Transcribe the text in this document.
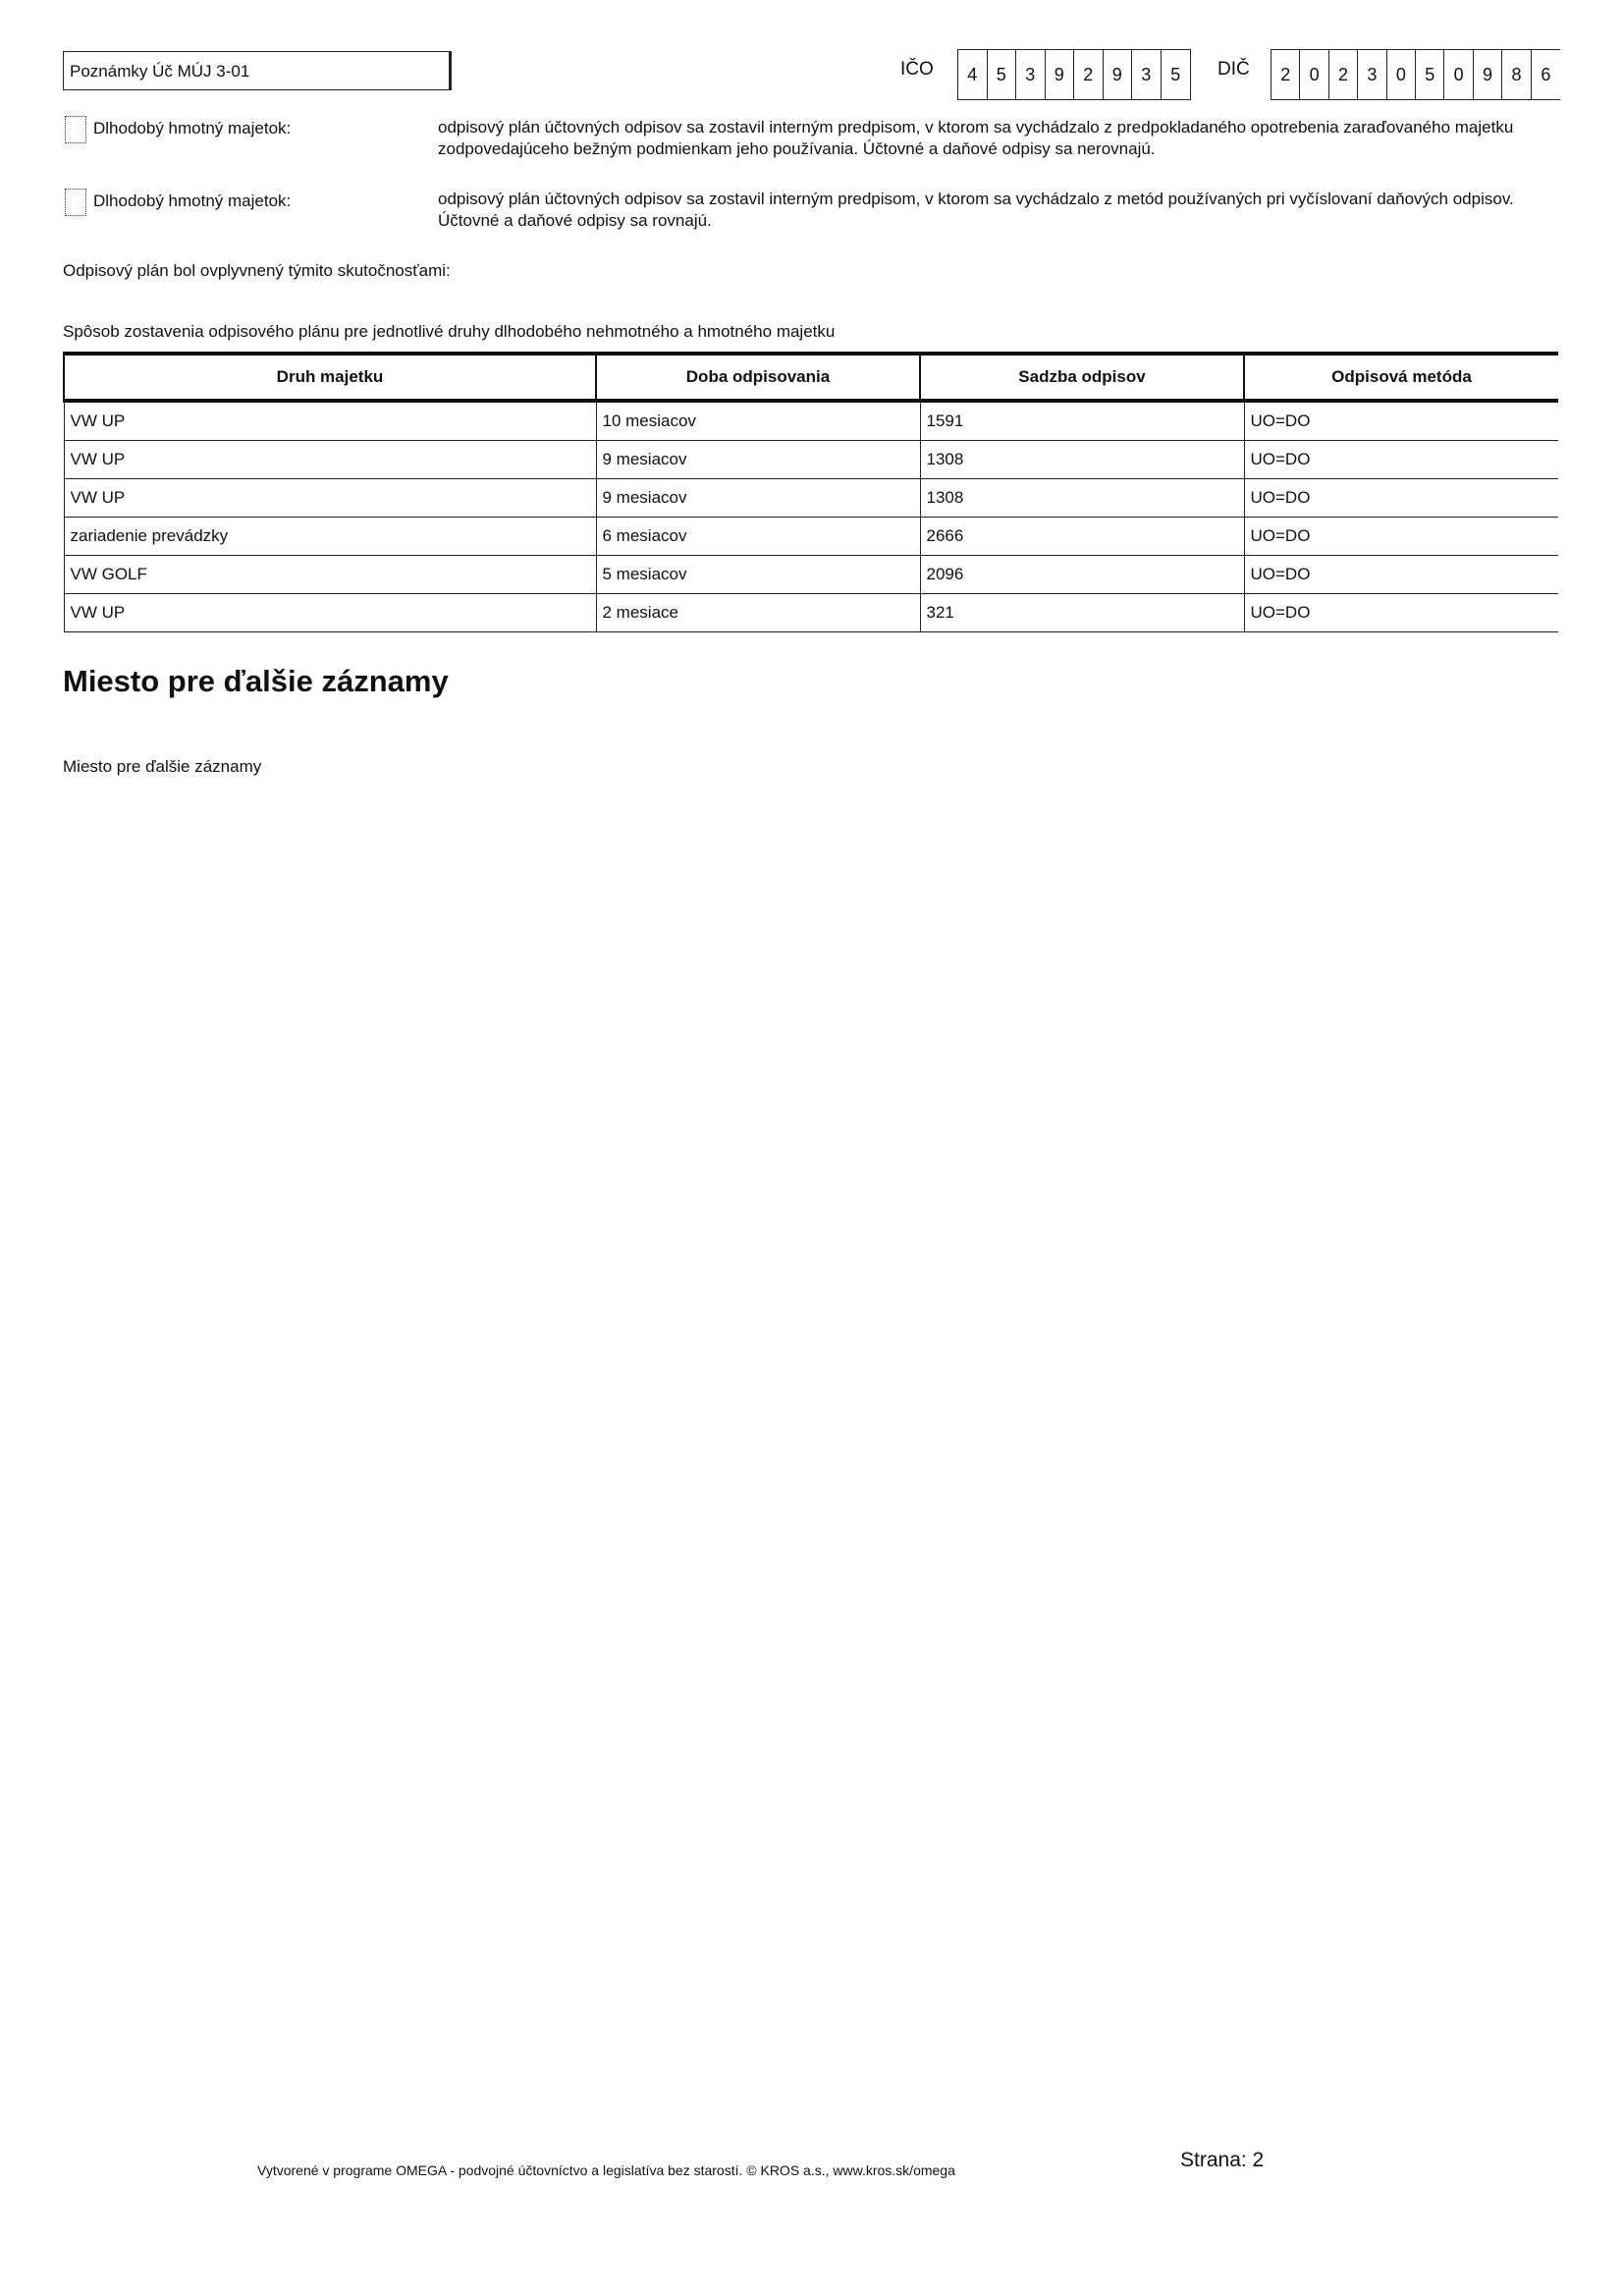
Poznámky Úč MÚJ 3-01	IČO	4	5	3	9	2	9	3	5	DIČ	2	0	2	3	0	5	0	9	8	6
Dlhodobý hmotný majetok:	odpisový plán účtovných odpisov sa zostavil interným predpisom, v ktorom sa vychádzalo z predpokladaného opotrebenia zaraďovaného majetku zodpovedajúceho bežným podmienkam jeho používania. Účtovné a daňové odpisy sa nerovnajú.
Dlhodobý hmotný majetok:	odpisový plán účtovných odpisov sa zostavil interným predpisom, v ktorom sa vychádzalo z metód používaných pri vyčíslovaní daňových odpisov. Účtovné a daňové odpisy sa rovnajú.
Odpisový plán bol ovplyvnený týmito skutočnosťami:
Spôsob zostavenia odpisového plánu pre jednotlivé druhy dlhodobého nehmotného a hmotného majetku
Druh majetku	Doba odpisovania	Sadzba odpisov	Odpisová metóda
VW UP	10 mesiacov	1591	UO=DO
VW UP	9 mesiacov	1308	UO=DO
VW UP	9 mesiacov	1308	UO=DO
zariadenie prevádzky	6 mesiacov	2666	UO=DO
VW GOLF	5 mesiacov	2096	UO=DO
VW UP	2 mesiace	321	UO=DO
Miesto pre ďalšie záznamy
Miesto pre ďalšie záznamy
Vytvorené v programe OMEGA - podvojné účtovníctvo a legislatíva bez starostí. © KROS a.s., www.kros.sk/omega	Strana: 2
